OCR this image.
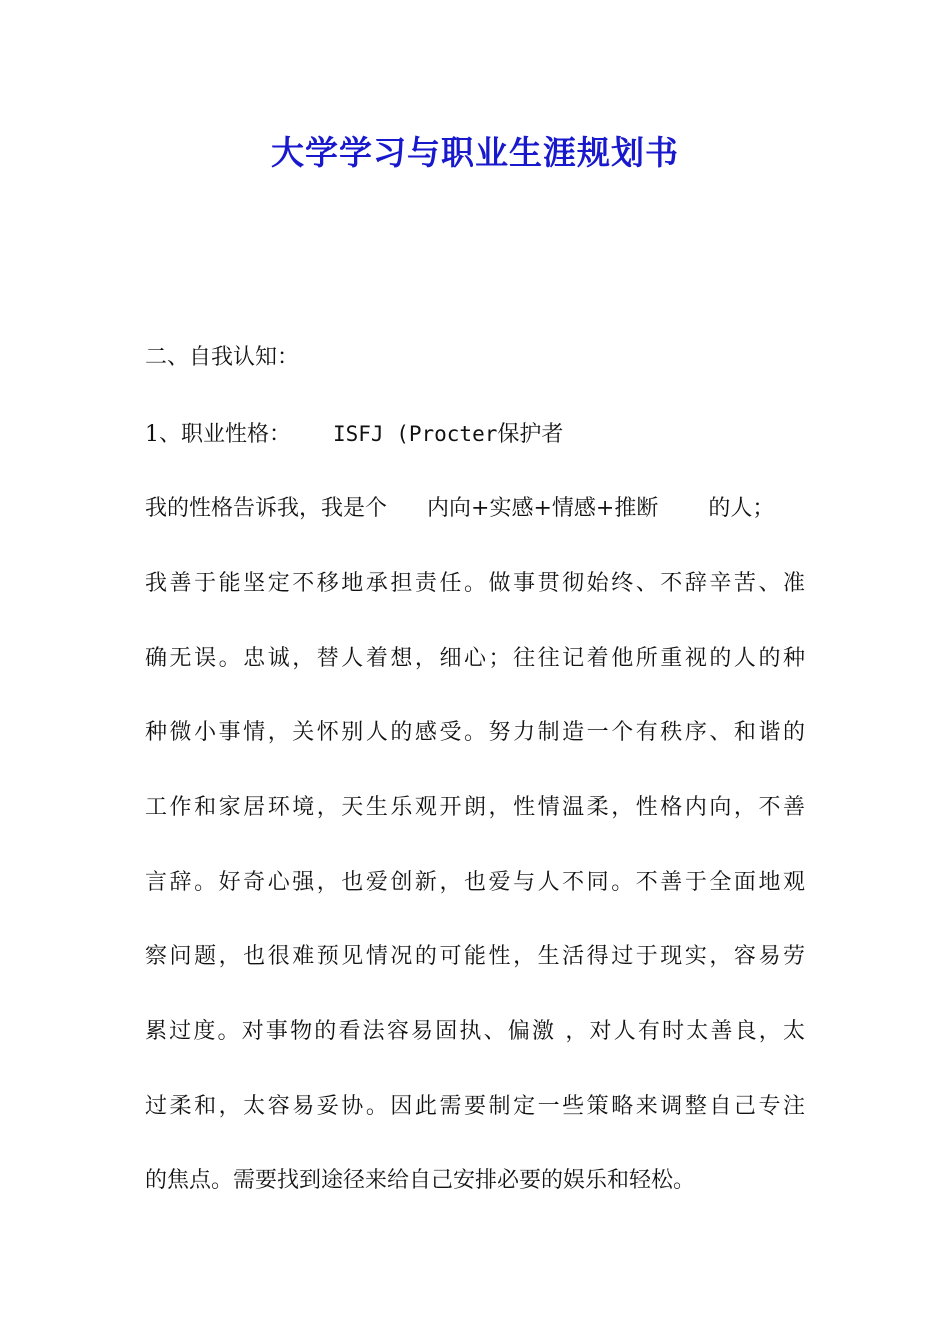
大学学习与职业生涯规划书
二、自我认知：
1、职业性格： ISFJ (Procter保护者
我的性格告诉我，我是个 内向+实感+情感+推断 的人；
我善于能坚定不移地承担责任。做事贯彻始终、不辞辛苦、准
确无误。忠诚，替人着想，细心；往往记着他所重视的人的种
种微小事情，关怀别人的感受。努力制造一个有秩序、和谐的
工作和家居环境，天生乐观开朗，性情温柔，性格内向，不善
言辞。好奇心强，也爱创新，也爱与人不同。不善于全面地观
察问题，也很难预见情况的可能性，生活得过于现实，容易劳
累过度。对事物的看法容易固执、偏激 ，对人有时太善良，太
过柔和，太容易妥协。因此需要制定一些策略来调整自己专注
的焦点。需要找到途径来给自己安排必要的娱乐和轻松。
